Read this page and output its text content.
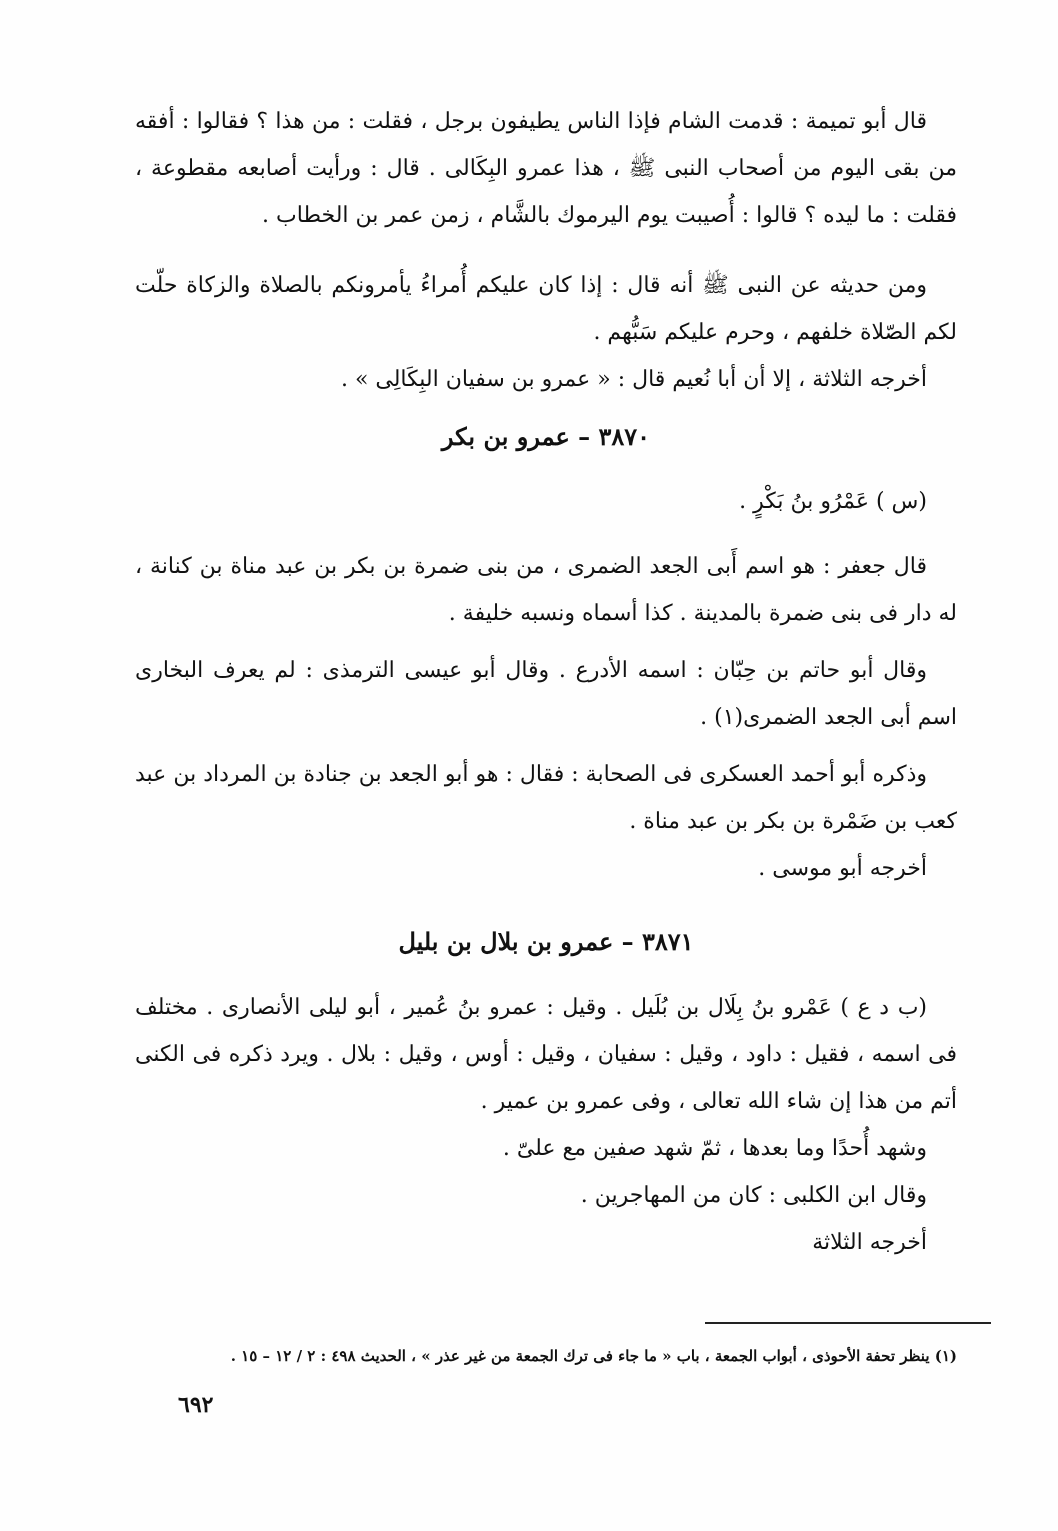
قال أبو تميمة : قدمت الشام فإذا الناس يطيفون برجل ، فقلت : من هذا ؟ فقالوا : أفقه من بقى اليوم من أصحاب النبى ﷺ ، هذا عمرو البِكَالى . قال : ورأيت أصابعه مقطوعة ، فقلت : ما ليده ؟ قالوا : أُصيبت يوم اليرموك بالشَّام ، زمن عمر بن الخطاب .

ومن حديثه عن النبى ﷺ أنه قال : إذا كان عليكم أُمراءُ يأمرونكم بالصلاة والزكاة حلّت لكم الصّلاة خلفهم ، وحرم عليكم سَبُّهم .

أخرجه الثلاثة ، إلا أن أبا نُعيم قال : « عمرو بن سفيان البِكَالِى » .

٣٨٧٠ – عمرو بن بكر

(س ) عَمْرُو بنُ بَكْرٍ .

قال جعفر : هو اسم أَبى الجعد الضمرى ، من بنى ضمرة بن بكر بن عبد مناة بن كنانة ، له دار فى بنى ضمرة بالمدينة . كذا أسماه ونسبه خليفة .

وقال أبو حاتم بن حِبّان : اسمه الأدرع . وقال أبو عيسى الترمذى : لم يعرف البخارى اسم أبى الجعد الضمرى(١) .

وذكره أبو أحمد العسكرى فى الصحابة : فقال : هو أبو الجعد بن جنادة بن المرداد بن عبد كعب بن ضَمْرة بن بكر بن عبد مناة .

أخرجه أبو موسى .

٣٨٧١ – عمرو بن بلال بن بليل

(ب د ع ) عَمْرو بنُ بِلَال بن بُلَيل . وقيل : عمرو بنُ عُمير ، أبو ليلى الأنصارى . مختلف فى اسمه ، فقيل : داود ، وقيل : سفيان ، وقيل : أوس ، وقيل : بلال . ويرد ذكره فى الكنى أتم من هذا إن شاء الله تعالى ، وفى عمرو بن عمير .

وشهد أُحدًا وما بعدها ، ثمّ شهد صفين مع علىّ .

وقال ابن الكلبى : كان من المهاجرين .

أخرجه الثلاثة

(١) ينظر تحفة الأحوذى ، أبواب الجمعة ، باب « ما جاء فى ترك الجمعة من غير عذر » ، الحديث ٤٩٨ : ٢ / ١٢ – ١٥ .
٦٩٢
